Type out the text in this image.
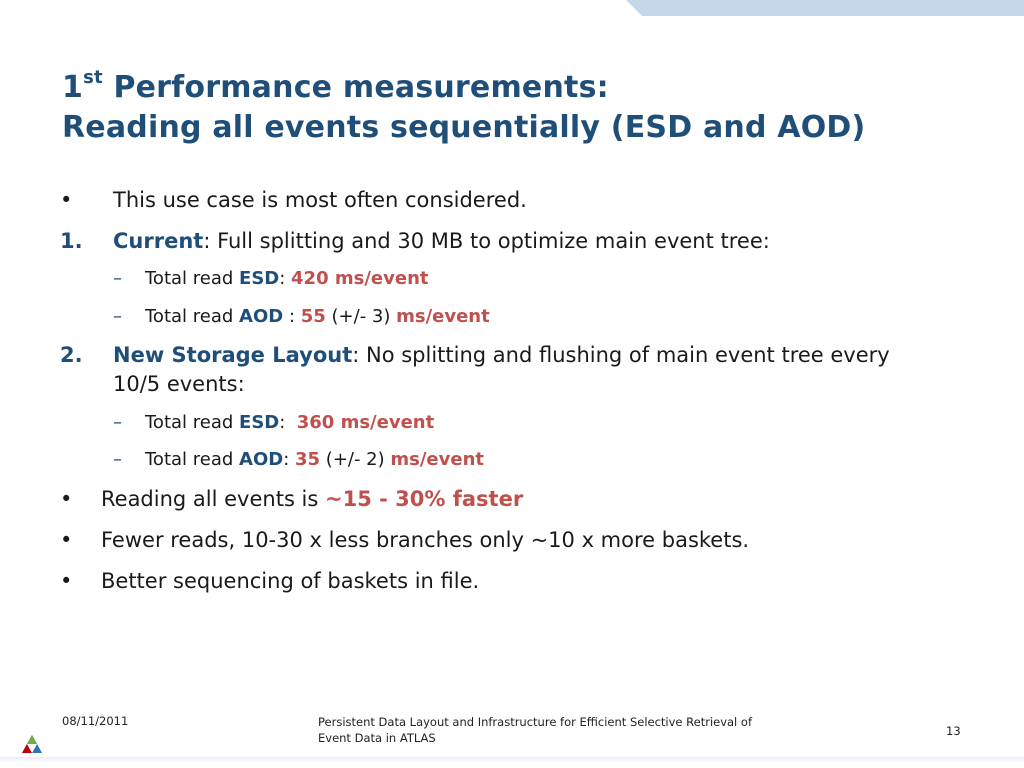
1st Performance measurements:
Reading all events sequentially (ESD and AOD)
• This use case is most often considered.
1. Current: Full splitting and 30 MB to optimize main event tree:
– Total read ESD: 420 ms/event
– Total read AOD : 55 (+/- 3) ms/event
2. New Storage Layout: No splitting and flushing of main event tree every
10/5 events:
– Total read ESD:  360 ms/event
– Total read AOD: 35 (+/- 2) ms/event
• Reading all events is ~15 - 30% faster
• Fewer reads, 10-30 x less branches only ~10 x more baskets.
• Better sequencing of baskets in file.
08/11/2011	Persistent Data Layout and Infrastructure for Efficient Selective Retrieval of
Event Data in ATLAS	13
